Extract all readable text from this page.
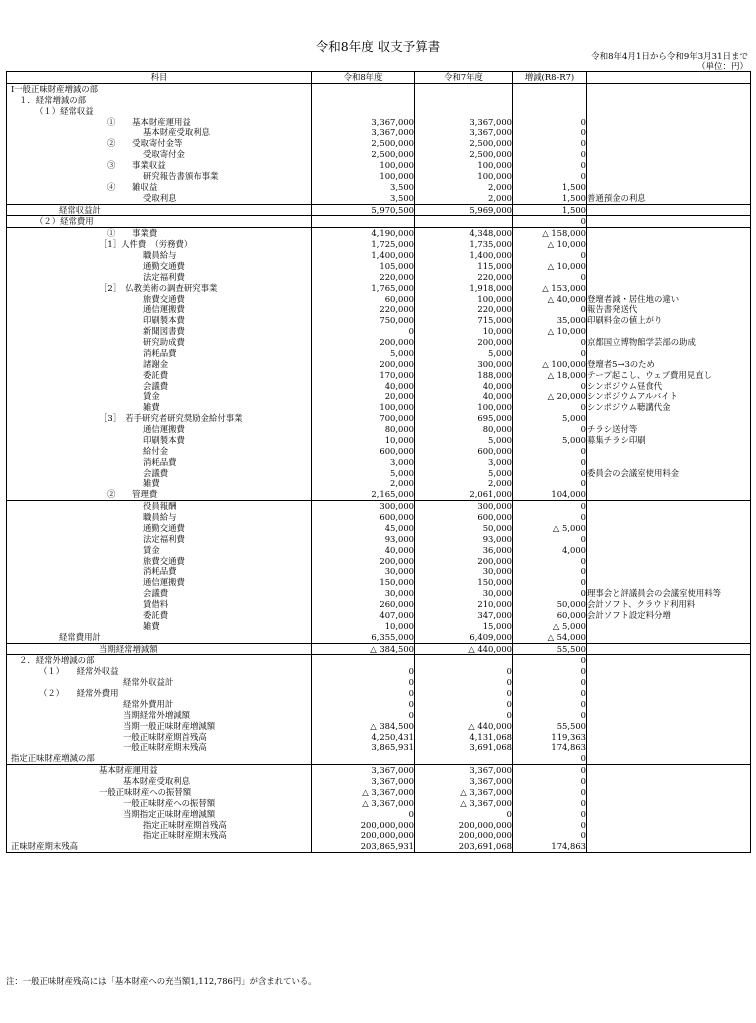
令和8年度 収支予算書
令和8年4月1日から令和9年3月31日まで
（単位：円）
科目	令和8年度	令和7年度	増減(R8-R7)	
Ⅰ一般正味財産増減の部				
１．経常増減の部				
（１）経常収益				
①　　基本財産運用益	3,367,000	3,367,000	0	
基本財産受取利息	3,367,000	3,367,000	0	
②　　受取寄付金等	2,500,000	2,500,000	0	
受取寄付金	2,500,000	2,500,000	0	
③　　事業収益	100,000	100,000	0	
研究報告書頒布事業	100,000	100,000	0	
④　　雑収益	3,500	2,000	1,500	
受取利息	3,500	2,000	1,500	普通預金の利息
経常収益計	5,970,500	5,969,000	1,500	
（２）経常費用			0	
①　　事業費	4,190,000	4,348,000	△ 158,000	
［1］人件費　（労務費）	1,725,000	1,735,000	△ 10,000	
職員給与	1,400,000	1,400,000	0	
通勤交通費	105,000	115,000	△ 10,000	
法定福利費	220,000	220,000	0	
［2］　仏教美術の調査研究事業	1,765,000	1,918,000	△ 153,000	
旅費交通費	60,000	100,000	△ 40,000	登壇者減・居住地の違い
通信運搬費	220,000	220,000	0	報告書発送代
印刷製本費	750,000	715,000	35,000	印刷料金の値上がり
新聞図書費	0	10,000	△ 10,000	
研究助成費	200,000	200,000	0	京都国立博物館学芸部の助成
消耗品費	5,000	5,000	0	
諸謝金	200,000	300,000	△ 100,000	登壇者5→3のため
委託費	170,000	188,000	△ 18,000	テープ起こし、ウェブ費用見直し
会議費	40,000	40,000	0	シンポジウム昼食代
賃金	20,000	40,000	△ 20,000	シンポジウムアルバイト
雑費	100,000	100,000	0	シンポジウム聴講代金
［3］　若手研究者研究奨励金給付事業	700,000	695,000	5,000	
通信運搬費	80,000	80,000	0	チラシ送付等
印刷製本費	10,000	5,000	5,000	募集チラシ印刷
給付金	600,000	600,000	0	
消耗品費	3,000	3,000	0	
会議費	5,000	5,000	0	委員会の会議室使用料金
雑費	2,000	2,000	0	
②　　管理費	2,165,000	2,061,000	104,000	
役員報酬	300,000	300,000	0	
職員給与	600,000	600,000	0	
通勤交通費	45,000	50,000	△ 5,000	
法定福利費	93,000	93,000	0	
賃金	40,000	36,000	4,000	
旅費交通費	200,000	200,000	0	
消耗品費	30,000	30,000	0	
通信運搬費	150,000	150,000	0	
会議費	30,000	30,000	0	理事会と評議員会の会議室使用料等
賃借料	260,000	210,000	50,000	会計ソフト、クラウド利用料
委託費	407,000	347,000	60,000	会計ソフト設定料分増
雑費	10,000	15,000	△ 5,000	
経常費用計	6,355,000	6,409,000	△ 54,000	
当期経常増減額	△ 384,500	△ 440,000	55,500	
２．経常外増減の部			0	
（１）　　経常外収益	0	0	0	
経常外収益計	0	0	0	
（２）　　経常外費用	0	0	0	
経常外費用計	0	0	0	
当期経常外増減額	0	0	0	
当期一般正味財産増減額	△ 384,500	△ 440,000	55,500	
一般正味財産期首残高	4,250,431	4,131,068	119,363	
一般正味財産期末残高	3,865,931	3,691,068	174,863	
指定正味財産増減の部			0	
基本財産運用益	3,367,000	3,367,000	0	
基本財産受取利息	3,367,000	3,367,000	0	
一般正味財産への振替額	△ 3,367,000	△ 3,367,000	0	
一般正味財産への振替額	△ 3,367,000	△ 3,367,000	0	
当期指定正味財産増減額	0	0	0	
指定正味財産期首残高	200,000,000	200,000,000	0	
指定正味財産期末残高	200,000,000	200,000,000	0	
正味財産期末残高	203,865,931	203,691,068	174,863	
注：一般正味財産残高には「基本財産への充当額1,112,786円」が含まれている。
